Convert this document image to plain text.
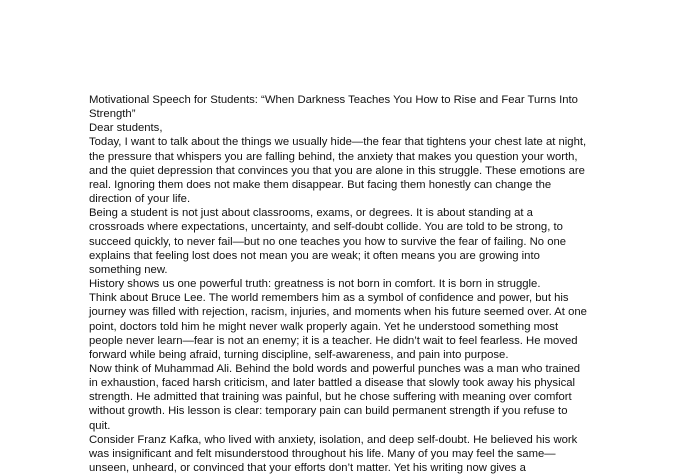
Motivational Speech for Students: “When Darkness Teaches You How to Rise and Fear Turns Into Strength”

Dear students,

Today, I want to talk about the things we usually hide—the fear that tightens your chest late at night, the pressure that whispers you are falling behind, the anxiety that makes you question your worth, and the quiet depression that convinces you that you are alone in this struggle. These emotions are real. Ignoring them does not make them disappear. But facing them honestly can change the direction of your life.

Being a student is not just about classrooms, exams, or degrees. It is about standing at a crossroads where expectations, uncertainty, and self-doubt collide. You are told to be strong, to succeed quickly, to never fail—but no one teaches you how to survive the fear of failing. No one explains that feeling lost does not mean you are weak; it often means you are growing into something new.

History shows us one powerful truth: greatness is not born in comfort. It is born in struggle.

Think about Bruce Lee. The world remembers him as a symbol of confidence and power, but his journey was filled with rejection, racism, injuries, and moments when his future seemed over. At one point, doctors told him he might never walk properly again. Yet he understood something most people never learn—fear is not an enemy; it is a teacher. He didn’t wait to feel fearless. He moved forward while being afraid, turning discipline, self-awareness, and pain into purpose.

Now think of Muhammad Ali. Behind the bold words and powerful punches was a man who trained in exhaustion, faced harsh criticism, and later battled a disease that slowly took away his physical strength. He admitted that training was painful, but he chose suffering with meaning over comfort without growth. His lesson is clear: temporary pain can build permanent strength if you refuse to quit.

Consider Franz Kafka, who lived with anxiety, isolation, and deep self-doubt. He believed his work was insignificant and felt misunderstood throughout his life. Many of you may feel the same—unseen, unheard, or convinced that your efforts don’t matter. Yet his writing now gives a
